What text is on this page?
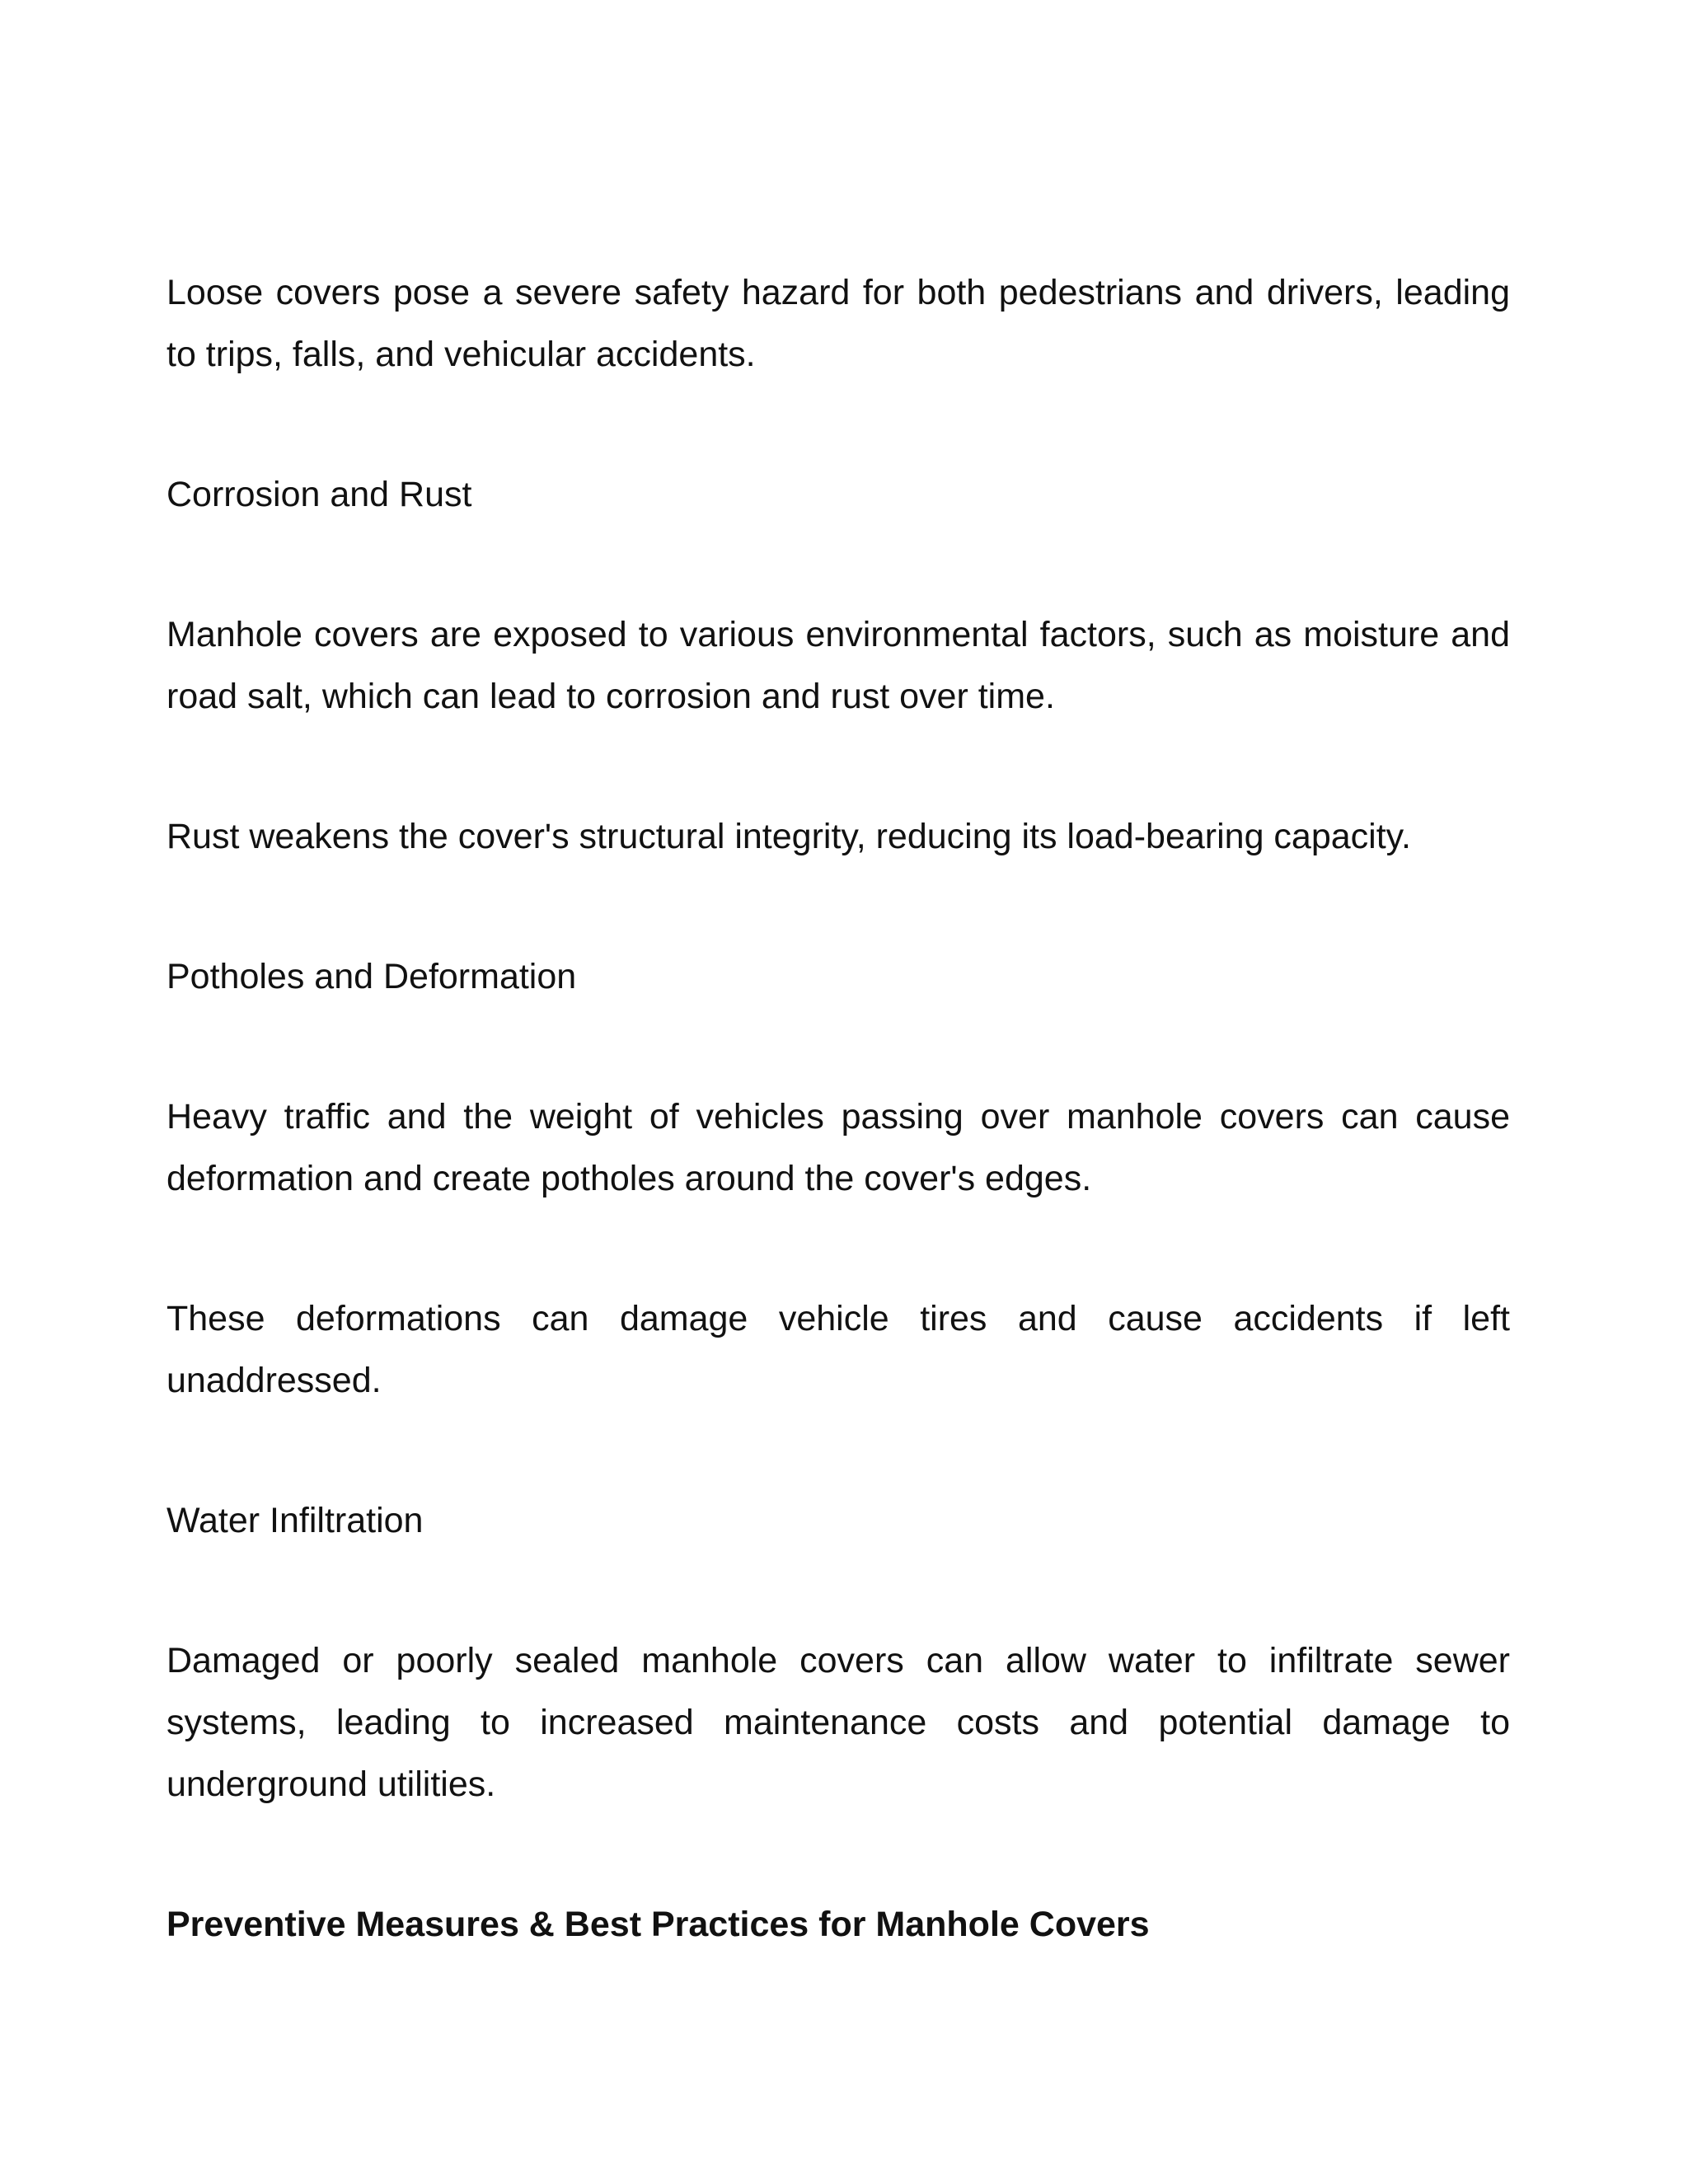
Loose covers pose a severe safety hazard for both pedestrians and drivers, leading to trips, falls, and vehicular accidents.

Corrosion and Rust

Manhole covers are exposed to various environmental factors, such as moisture and road salt, which can lead to corrosion and rust over time.

Rust weakens the cover's structural integrity, reducing its load-bearing capacity.

Potholes and Deformation

Heavy traffic and the weight of vehicles passing over manhole covers can cause deformation and create potholes around the cover's edges.

These deformations can damage vehicle tires and cause accidents if left unaddressed.

Water Infiltration

Damaged or poorly sealed manhole covers can allow water to infiltrate sewer systems, leading to increased maintenance costs and potential damage to underground utilities.

Preventive Measures & Best Practices for Manhole Covers
